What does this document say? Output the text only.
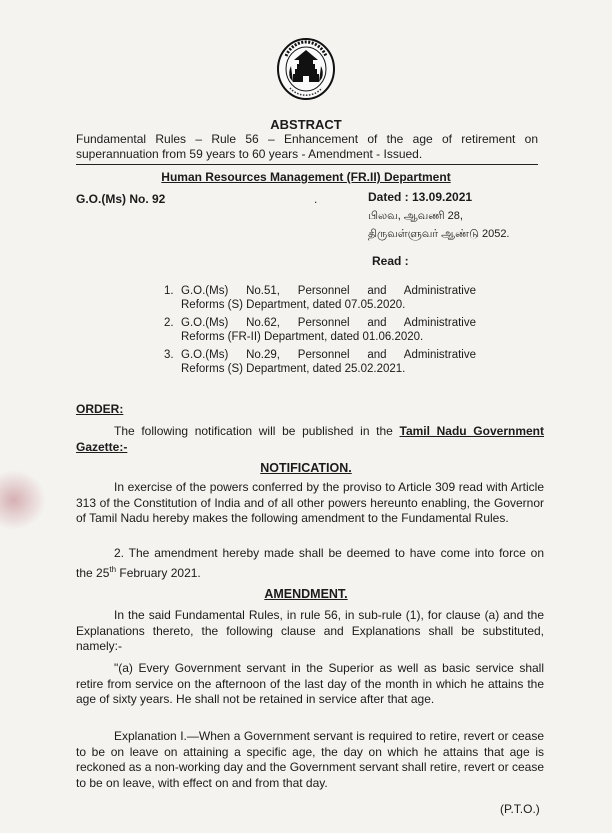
ABSTRACT
Fundamental Rules – Rule 56 – Enhancement of the age of retirement on superannuation from 59 years to 60 years - Amendment - Issued.
Human Resources Management (FR.II) Department
G.O.(Ms) No. 92	.	Dated : 13.09.2021
பிலவ, ஆவணி 28,
திருவள்ளுவர் ஆண்டு 2052.
Read :
1. G.O.(Ms) No.51, Personnel and Administrative
Reforms (S) Department, dated 07.05.2020.
2. G.O.(Ms) No.62, Personnel and Administrative
Reforms (FR-II) Department, dated 01.06.2020.
3. G.O.(Ms) No.29, Personnel and Administrative
Reforms (S) Department, dated 25.02.2021.
ORDER:
The following notification will be published in the Tamil Nadu Government Gazette:-
NOTIFICATION.
In exercise of the powers conferred by the proviso to Article 309 read with Article 313 of the Constitution of India and of all other powers hereunto enabling, the Governor of Tamil Nadu hereby makes the following amendment to the Fundamental Rules.
2. The amendment hereby made shall be deemed to have come into force on the 25th February 2021.
AMENDMENT.
In the said Fundamental Rules, in rule 56, in sub-rule (1), for clause (a) and the Explanations thereto, the following clause and Explanations shall be substituted, namely:-
"(a) Every Government servant in the Superior as well as basic service shall retire from service on the afternoon of the last day of the month in which he attains the age of sixty years. He shall not be retained in service after that age.
Explanation I.—When a Government servant is required to retire, revert or cease to be on leave on attaining a specific age, the day on which he attains that age is reckoned as a non-working day and the Government servant shall retire, revert or cease to be on leave, with effect on and from that day.
(P.T.O.)
